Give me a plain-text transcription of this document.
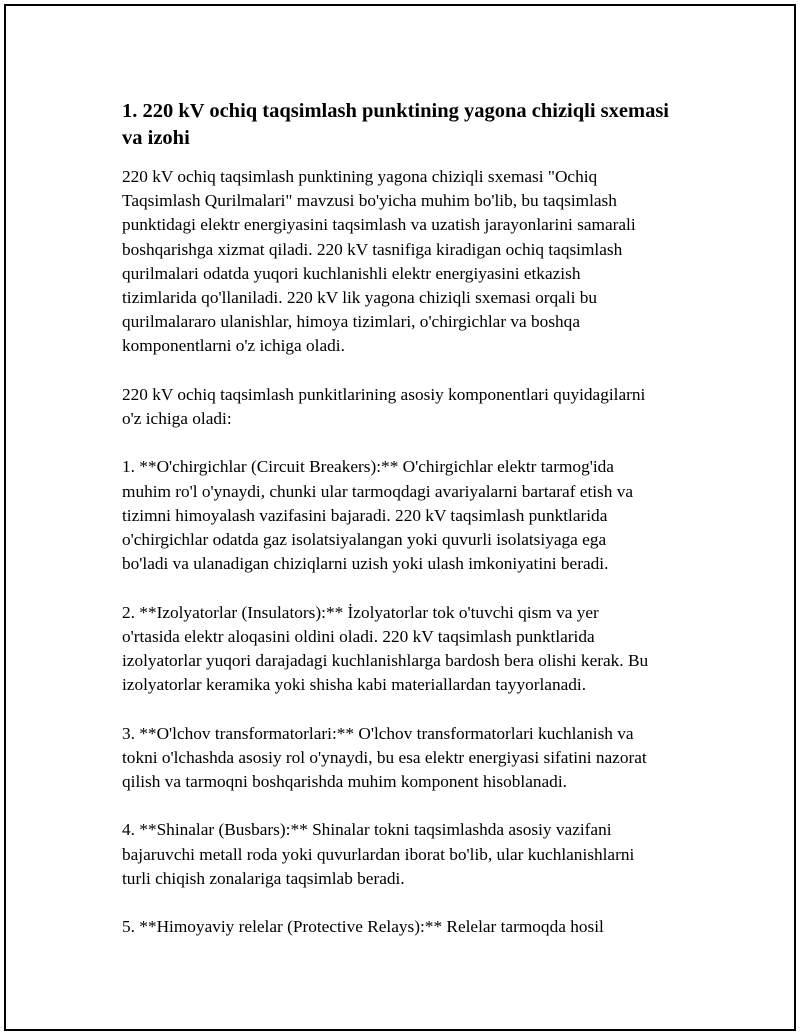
1. 220 kV ochiq taqsimlash punktining yagona chiziqli sxemasi
va izohi

220 kV ochiq taqsimlash punktining yagona chiziqli sxemasi "Ochiq
Taqsimlash Qurilmalari" mavzusi bo'yicha muhim bo'lib, bu taqsimlash
punktidagi elektr energiyasini taqsimlash va uzatish jarayonlarini samarali
boshqarishga xizmat qiladi. 220 kV tasnifiga kiradigan ochiq taqsimlash
qurilmalari odatda yuqori kuchlanishli elektr energiyasini etkazish
tizimlarida qo'llaniladi. 220 kV lik yagona chiziqli sxemasi orqali bu
qurilmalararo ulanishlar, himoya tizimlari, o'chirgichlar va boshqa
komponentlarni o'z ichiga oladi.

220 kV ochiq taqsimlash punkitlarining asosiy komponentlari quyidagilarni
o'z ichiga oladi:

1. **O'chirgichlar (Circuit Breakers):** O'chirgichlar elektr tarmog'ida
muhim ro'l o'ynaydi, chunki ular tarmoqdagi avariyalarni bartaraf etish va
tizimni himoyalash vazifasini bajaradi. 220 kV taqsimlash punktlarida
o'chirgichlar odatda gaz isolatsiyalangan yoki quvurli isolatsiyaga ega
bo'ladi va ulanadigan chiziqlarni uzish yoki ulash imkoniyatini beradi.

2. **Izolyatorlar (Insulators):** İzolyatorlar tok o'tuvchi qism va yer
o'rtasida elektr aloqasini oldini oladi. 220 kV taqsimlash punktlarida
izolyatorlar yuqori darajadagi kuchlanishlarga bardosh bera olishi kerak. Bu
izolyatorlar keramika yoki shisha kabi materiallardan tayyorlanadi.

3. **O'lchov transformatorlari:** O'lchov transformatorlari kuchlanish va
tokni o'lchashda asosiy rol o'ynaydi, bu esa elektr energiyasi sifatini nazorat
qilish va tarmoqni boshqarishda muhim komponent hisoblanadi.

4. **Shinalar (Busbars):** Shinalar tokni taqsimlashda asosiy vazifani
bajaruvchi metall roda yoki quvurlardan iborat bo'lib, ular kuchlanishlarni
turli chiqish zonalariga taqsimlab beradi.

5. **Himoyaviy relelar (Protective Relays):** Relelar tarmoqda hosil
